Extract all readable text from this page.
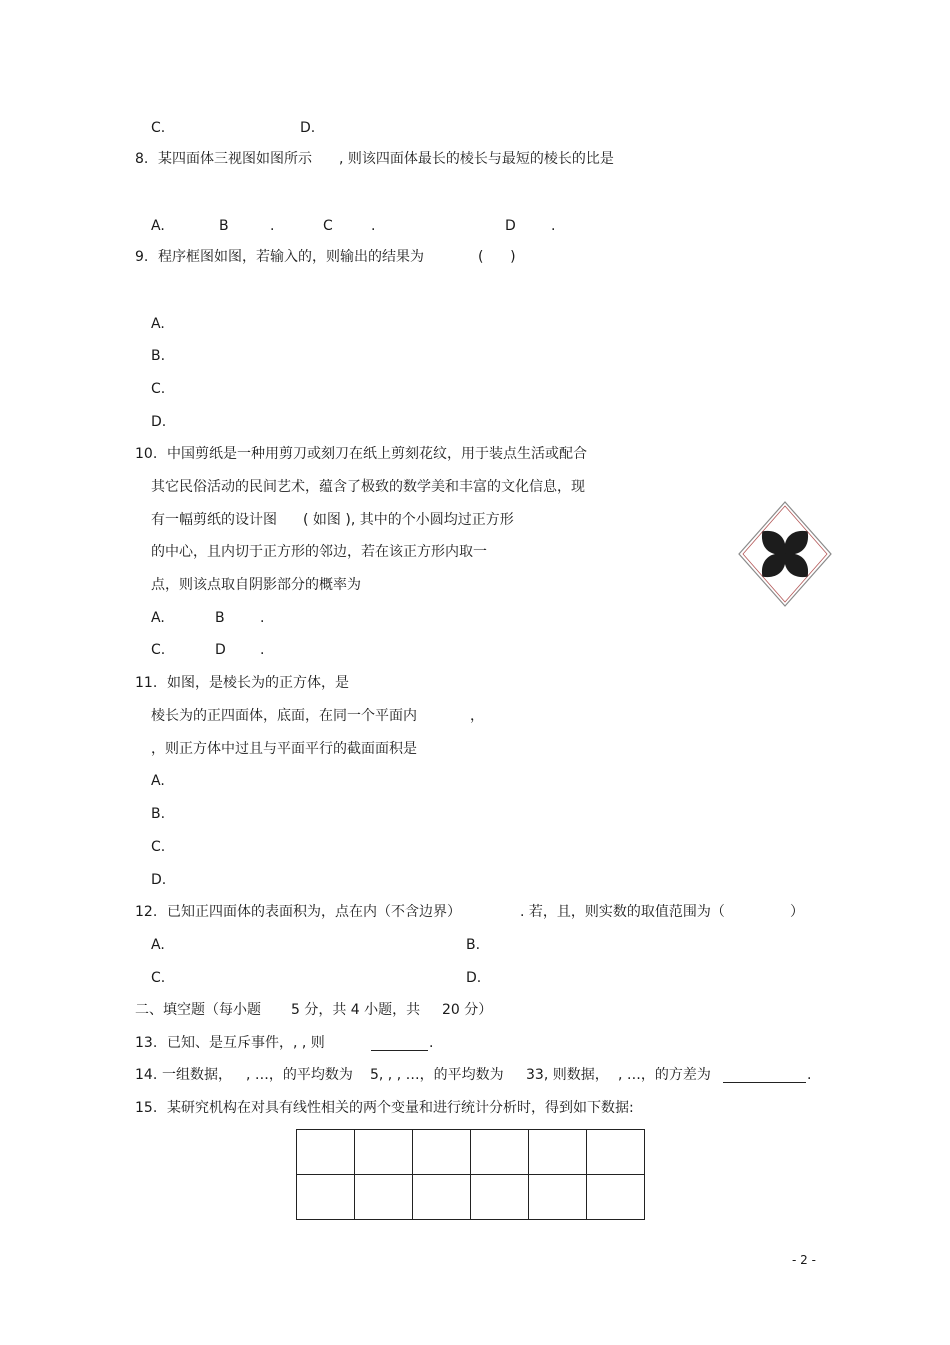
C.	D.
8. 某四面体三视图如图所示 , 则该四面体最长的棱长与最短的棱长的比是
A.	B	.	C	.	D	.
9. 程序框图如图，若输入的，则输出的结果为	(      )
A.
B.
C.
D.
10. 中国剪纸是一种用剪刀或刻刀在纸上剪刻花纹，用于装点生活或配合
其它民俗活动的民间艺术，蕴含了极致的数学美和丰富的文化信息，现
有一幅剪纸的设计图 ( 如图 ), 其中的个小圆均过正方形
的中心，且内切于正方形的邻边，若在该正方形内取一
点，则该点取自阴影部分的概率为
A.	B	.
C.	D .
11. 如图，是棱长为的正方体，是
棱长为的正四面体，底面，在同一个平面内	，
，则正方体中过且与平面平行的截面面积是
A.
B.
C.
D.
12. 已知正四面体的表面积为，点在内（不含边界）	. 若，且，则实数的取值范围为（	）
A.	B.
C.	D.
二、填空题（每小题 5 分，共 4 小题，共 20 分）
13. 已知、是互斥事件，, , 则	.
14. 一组数据， , …，的平均数为 5, , , …，的平均数为 33, 则数据， , …，的方差为	.
15. 某研究机构在对具有线性相关的两个变量和进行统计分析时，得到如下数据:

- 2 -
